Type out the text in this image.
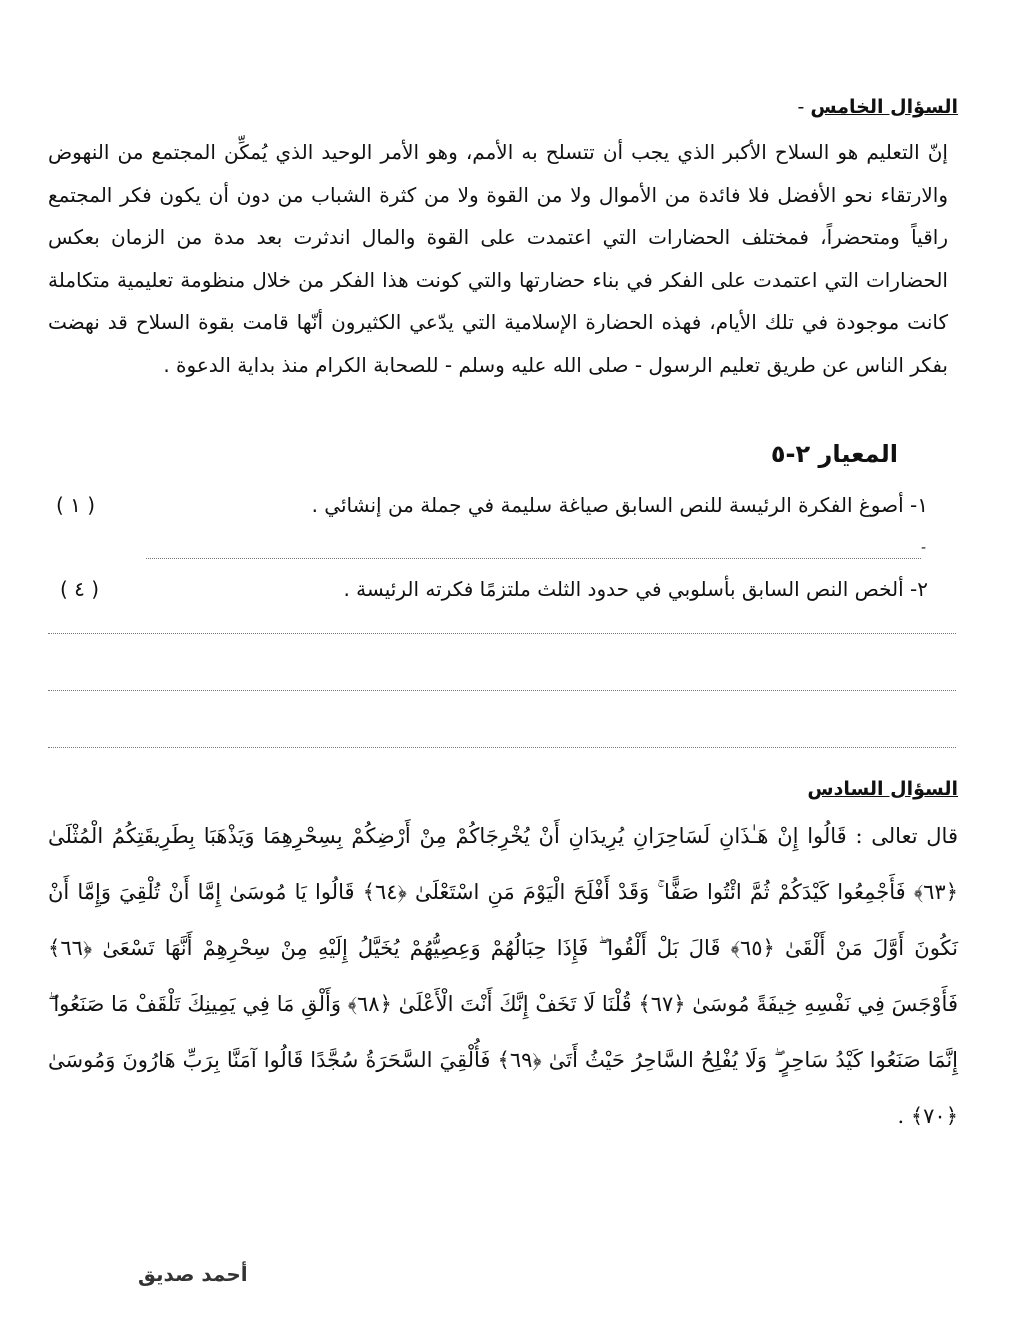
السؤال الخامس -
إنّ التعليم هو السلاح الأكبر الذي يجب أن تتسلح به الأمم، وهو الأمر الوحيد الذي يُمكِّن المجتمع من النهوض والارتقاء نحو الأفضل فلا فائدة من الأموال ولا من القوة ولا من كثرة الشباب من دون أن يكون فكر المجتمع راقياً ومتحضراً، فمختلف الحضارات التي اعتمدت على القوة والمال اندثرت بعد مدة من الزمان بعكس الحضارات التي اعتمدت على الفكر في بناء حضارتها والتي كونت هذا الفكر من خلال منظومة تعليمية متكاملة كانت موجودة في تلك الأيام، فهذه الحضارة الإسلامية التي يدّعي الكثيرون أنّها قامت بقوة السلاح قد نهضت بفكر الناس عن طريق تعليم الرسول - صلى الله عليه وسلم - للصحابة الكرام منذ بداية الدعوة .
المعيار ٢-٥
١- أصوغ الفكرة الرئيسة للنص السابق صياغة سليمة في جملة من إنشائي .
( ١ )
-
٢- ألخص النص السابق بأسلوبي في حدود الثلث ملتزمًا فكرته الرئيسة .
( ٤ )
السؤال السادس
قال تعالى : قَالُوا إِنْ هَـٰذَانِ لَسَاحِرَانِ يُرِيدَانِ أَنْ يُخْرِجَاكُمْ مِنْ أَرْضِكُمْ بِسِحْرِهِمَا وَيَذْهَبَا بِطَرِيقَتِكُمُ الْمُثْلَىٰ ﴿٦٣﴾ فَأَجْمِعُوا كَيْدَكُمْ ثُمَّ ائْتُوا صَفًّا ۚ وَقَدْ أَفْلَحَ الْيَوْمَ مَنِ اسْتَعْلَىٰ ﴿٦٤﴾ قَالُوا يَا مُوسَىٰ إِمَّا أَنْ تُلْقِيَ وَإِمَّا أَنْ نَكُونَ أَوَّلَ مَنْ أَلْقَىٰ ﴿٦٥﴾ قَالَ بَلْ أَلْقُوا ۖ فَإِذَا حِبَالُهُمْ وَعِصِيُّهُمْ يُخَيَّلُ إِلَيْهِ مِنْ سِحْرِهِمْ أَنَّهَا تَسْعَىٰ ﴿٦٦﴾ فَأَوْجَسَ فِي نَفْسِهِ خِيفَةً مُوسَىٰ ﴿٦٧﴾ قُلْنَا لَا تَخَفْ إِنَّكَ أَنْتَ الْأَعْلَىٰ ﴿٦٨﴾ وَأَلْقِ مَا فِي يَمِينِكَ تَلْقَفْ مَا صَنَعُوا ۖ إِنَّمَا صَنَعُوا كَيْدُ سَاحِرٍ ۖ وَلَا يُفْلِحُ السَّاحِرُ حَيْثُ أَتَىٰ ﴿٦٩﴾ فَأُلْقِيَ السَّحَرَةُ سُجَّدًا قَالُوا آمَنَّا بِرَبِّ هَارُونَ وَمُوسَىٰ ﴿٧٠﴾ .
أحمد صديق
